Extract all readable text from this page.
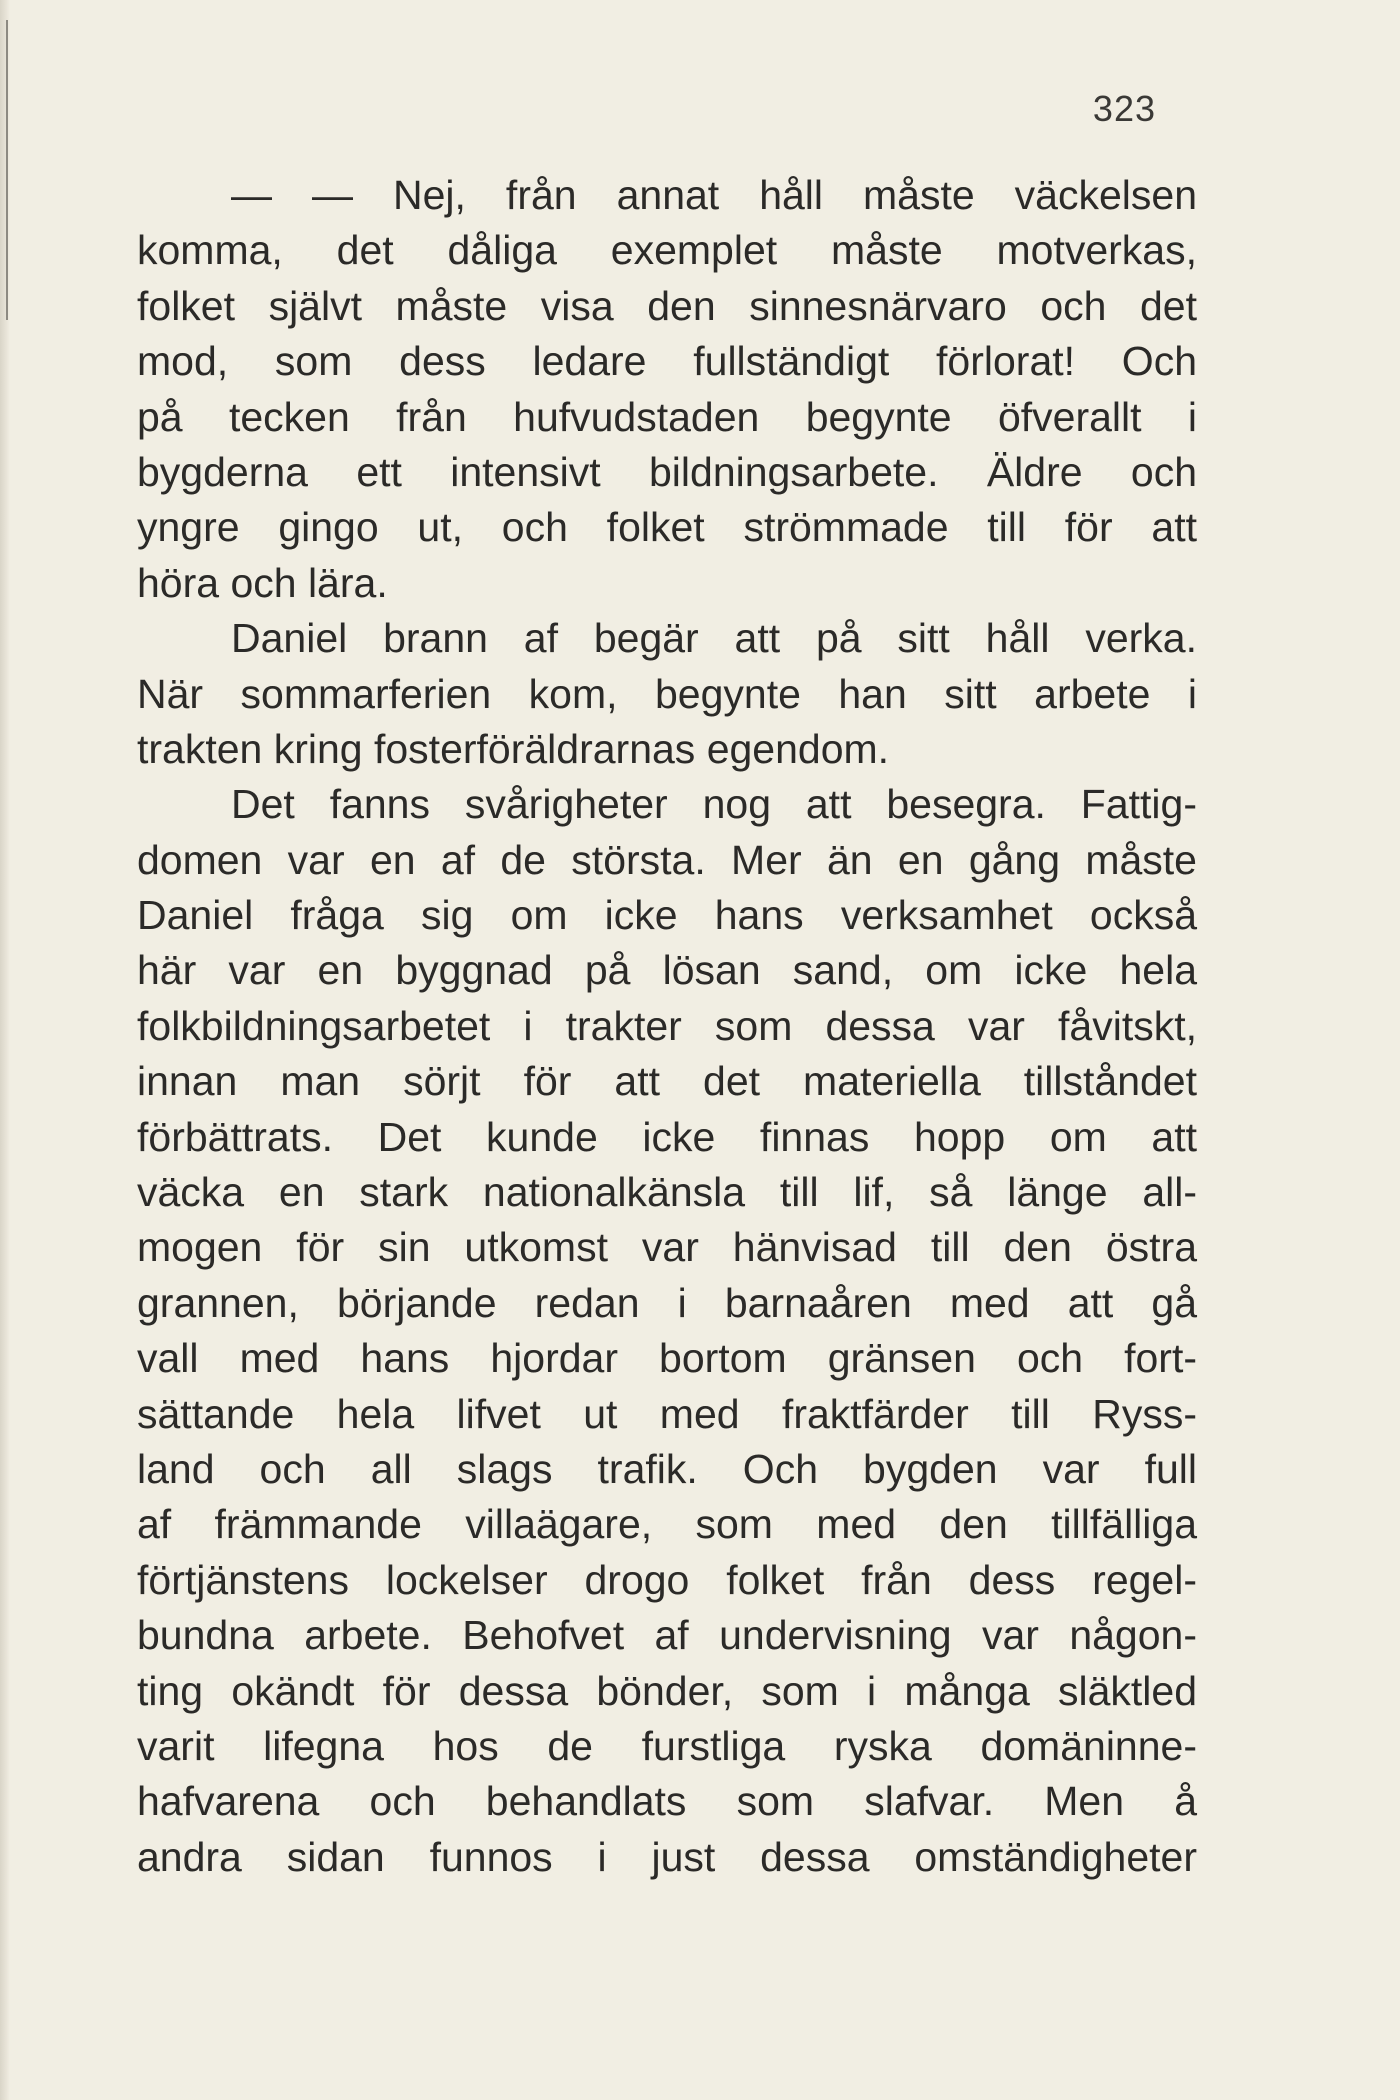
323
— — Nej, från annat håll måste väckelsen
komma, det dåliga exemplet måste motverkas,
folket självt måste visa den sinnesnärvaro och det
mod, som dess ledare fullständigt förlorat! Och
på tecken från hufvudstaden begynte öfverallt i
bygderna ett intensivt bildningsarbete. Äldre och
yngre gingo ut, och folket strömmade till för att
höra och lära.
Daniel brann af begär att på sitt håll verka.
När sommarferien kom, begynte han sitt arbete i
trakten kring fosterföräldrarnas egendom.
Det fanns svårigheter nog att besegra. Fattig-
domen var en af de största. Mer än en gång måste
Daniel fråga sig om icke hans verksamhet också
här var en byggnad på lösan sand, om icke hela
folkbildningsarbetet i trakter som dessa var fåvitskt,
innan man sörjt för att det materiella tillståndet
förbättrats. Det kunde icke finnas hopp om att
väcka en stark nationalkänsla till lif, så länge all-
mogen för sin utkomst var hänvisad till den östra
grannen, börjande redan i barnaåren med att gå
vall med hans hjordar bortom gränsen och fort-
sättande hela lifvet ut med fraktfärder till Ryss-
land och all slags trafik. Och bygden var full
af främmande villaägare, som med den tillfälliga
förtjänstens lockelser drogo folket från dess regel-
bundna arbete. Behofvet af undervisning var någon-
ting okändt för dessa bönder, som i många släktled
varit lifegna hos de furstliga ryska domäninne-
hafvarena och behandlats som slafvar. Men å
andra sidan funnos i just dessa omständigheter
